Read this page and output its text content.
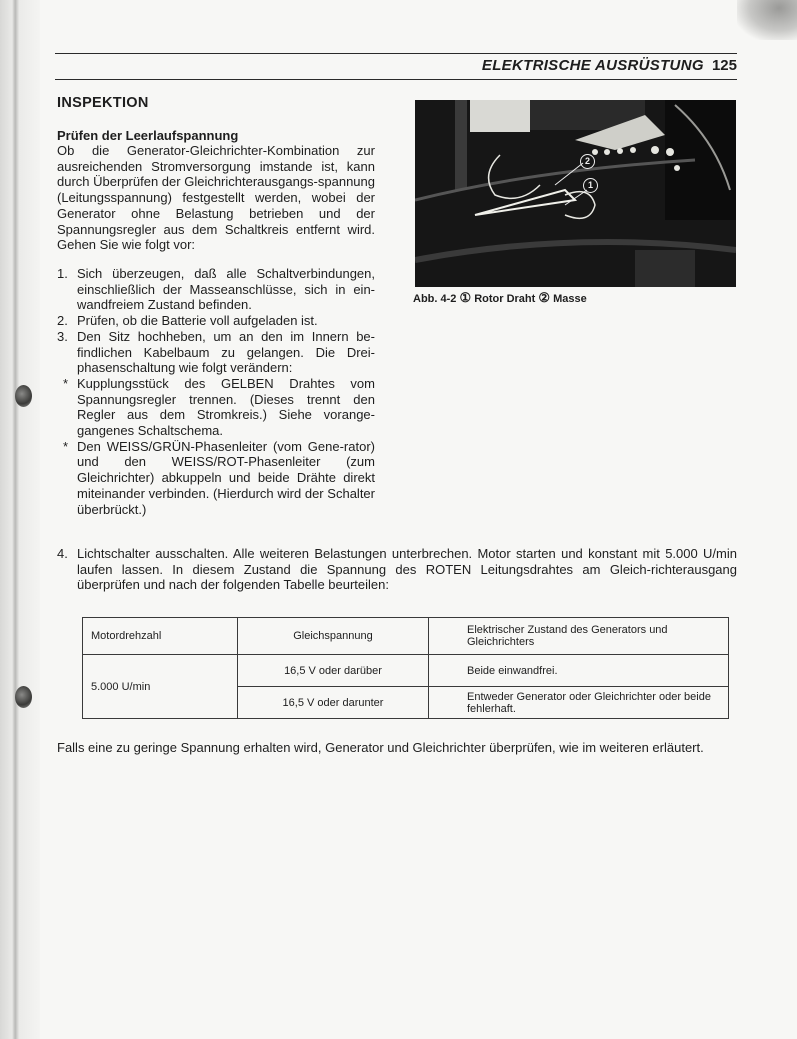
ELEKTRISCHE AUSRÜSTUNG 125
INSPEKTION
Prüfen der Leerlaufspannung

Ob die Generator-Gleichrichter-Kombination zur ausreichenden Stromversorgung imstande ist, kann durch Überprüfen der Gleichrichterausgangs-spannung (Leitungsspannung) festgestellt werden, wobei der Generator ohne Belastung betrieben und der Spannungsregler aus dem Schaltkreis entfernt wird. Gehen Sie wie folgt vor:

1. Sich überzeugen, daß alle Schaltverbindungen, einschließlich der Masseanschlüsse, sich in ein-wandfreiem Zustand befinden.
2. Prüfen, ob die Batterie voll aufgeladen ist.
3. Den Sitz hochheben, um an den im Innern be-findlichen Kabelbaum zu gelangen. Die Drei-phasenschaltung wie folgt verändern:
* Kupplungsstück des GELBEN Drahtes vom Spannungsregler trennen. (Dieses trennt den Regler aus dem Stromkreis.) Siehe vorange-gangenes Schaltschema.
* Den WEISS/GRÜN-Phasenleiter (vom Gene-rator) und den WEISS/ROT-Phasenleiter (zum Gleichrichter) abkuppeln und beide Drähte direkt miteinander verbinden. (Hierdurch wird der Schalter überbrückt.)
2
1
Abb. 4-2 ① Rotor Draht ② Masse
4. Lichtschalter ausschalten. Alle weiteren Belastungen unterbrechen. Motor starten und konstant mit 5.000 U/min laufen lassen. In diesem Zustand die Spannung des ROTEN Leitungsdrahtes am Gleich-richterausgang überprüfen und nach der folgenden Tabelle beurteilen:
Motordrehzahl	Gleichspannung	Elektrischer Zustand des Generators und Gleichrichters
5.000 U/min	16,5 V oder darüber	Beide einwandfrei.
	16,5 V oder darunter	Entweder Generator oder Gleichrichter oder beide fehlerhaft.
Falls eine zu geringe Spannung erhalten wird, Generator und Gleichrichter überprüfen, wie im weiteren erläutert.
